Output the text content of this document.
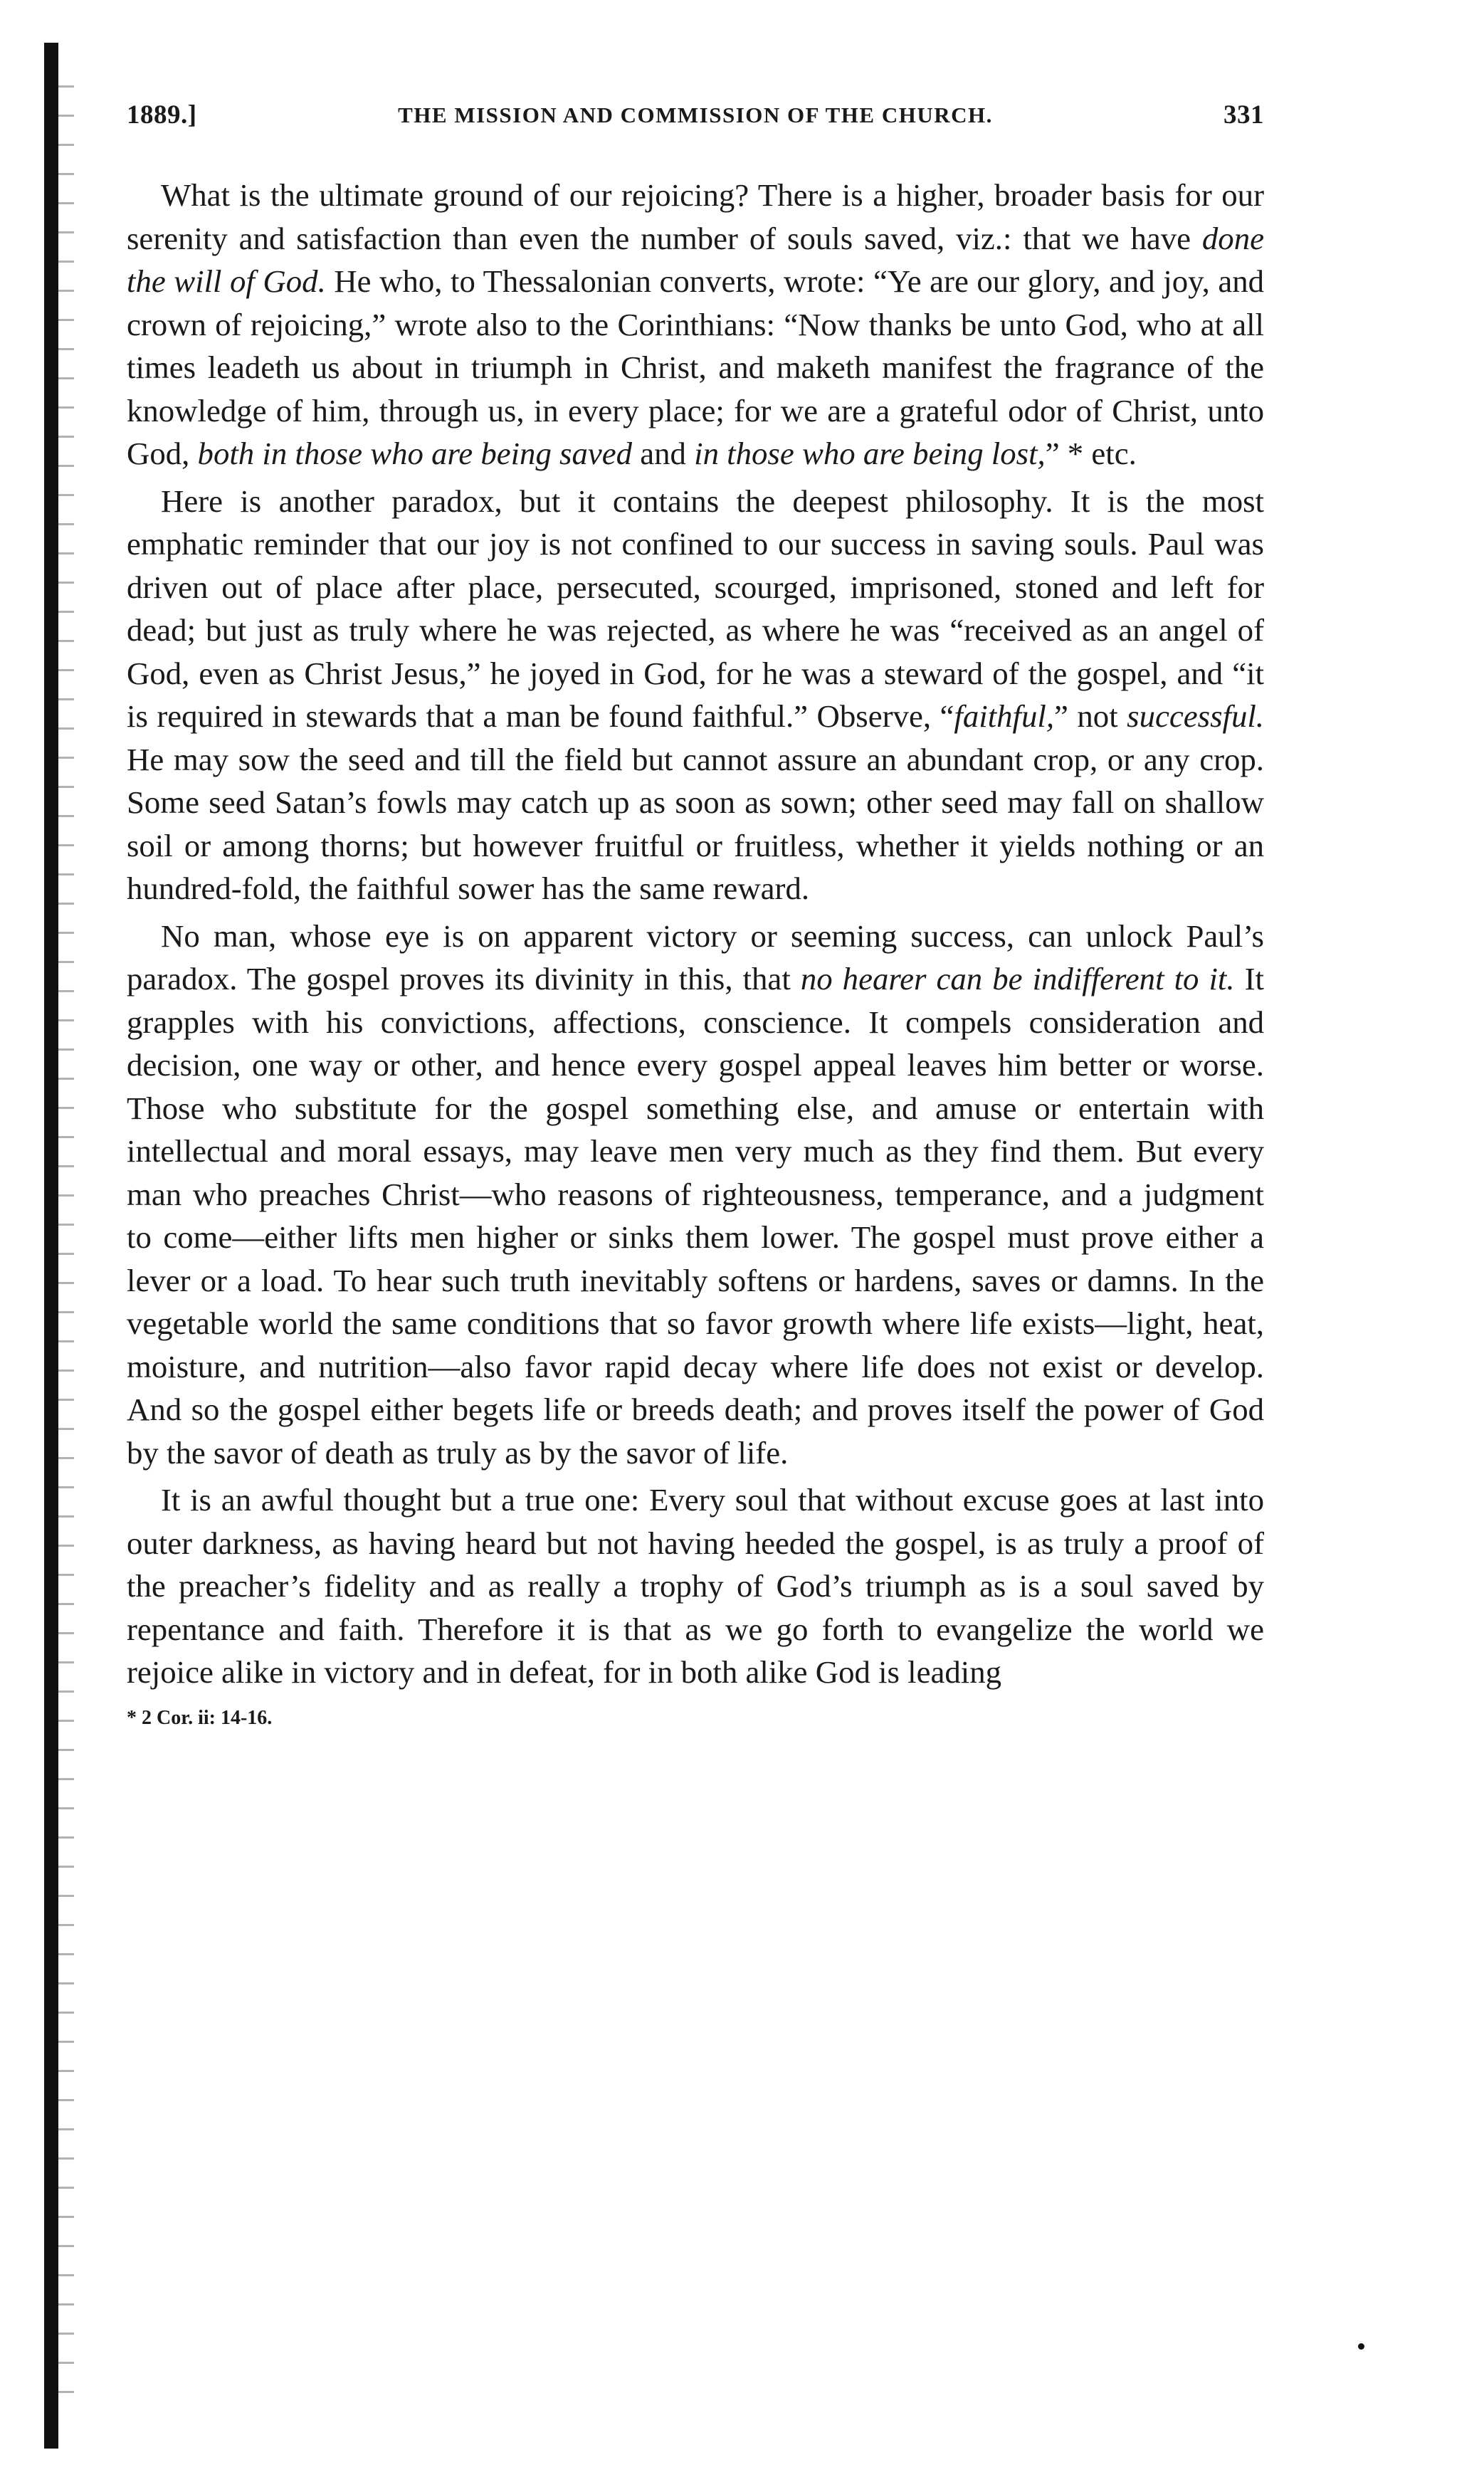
1889.]	THE MISSION AND COMMISSION OF THE CHURCH.	331

What is the ultimate ground of our rejoicing? There is a higher, broader basis for our serenity and satisfaction than even the number of souls saved, viz.: that we have done the will of God. He who, to Thessalonian converts, wrote: “Ye are our glory, and joy, and crown of rejoicing,” wrote also to the Corinthians: “Now thanks be unto God, who at all times leadeth us about in triumph in Christ, and maketh manifest the fragrance of the knowledge of him, through us, in every place; for we are a grateful odor of Christ, unto God, both in those who are being saved and in those who are being lost,” * etc.

Here is another paradox, but it contains the deepest philosophy. It is the most emphatic reminder that our joy is not confined to our success in saving souls. Paul was driven out of place after place, persecuted, scourged, imprisoned, stoned and left for dead; but just as truly where he was rejected, as where he was “received as an angel of God, even as Christ Jesus,” he joyed in God, for he was a steward of the gospel, and “it is required in stewards that a man be found faithful.” Observe, “faithful,” not successful. He may sow the seed and till the field but cannot assure an abundant crop, or any crop. Some seed Satan’s fowls may catch up as soon as sown; other seed may fall on shallow soil or among thorns; but however fruitful or fruitless, whether it yields nothing or an hundred-fold, the faithful sower has the same reward.

No man, whose eye is on apparent victory or seeming success, can unlock Paul’s paradox. The gospel proves its divinity in this, that no hearer can be indifferent to it. It grapples with his convictions, affections, conscience. It compels consideration and decision, one way or other, and hence every gospel appeal leaves him better or worse. Those who substitute for the gospel something else, and amuse or entertain with intellectual and moral essays, may leave men very much as they find them. But every man who preaches Christ—who reasons of righteousness, temperance, and a judgment to come—either lifts men higher or sinks them lower. The gospel must prove either a lever or a load. To hear such truth inevitably softens or hardens, saves or damns. In the vegetable world the same conditions that so favor growth where life exists—light, heat, moisture, and nutrition—also favor rapid decay where life does not exist or develop. And so the gospel either begets life or breeds death; and proves itself the power of God by the savor of death as truly as by the savor of life.

It is an awful thought but a true one: Every soul that without excuse goes at last into outer darkness, as having heard but not having heeded the gospel, is as truly a proof of the preacher’s fidelity and as really a trophy of God’s triumph as is a soul saved by repentance and faith. Therefore it is that as we go forth to evangelize the world we rejoice alike in victory and in defeat, for in both alike God is leading

* 2 Cor. ii: 14-16.
